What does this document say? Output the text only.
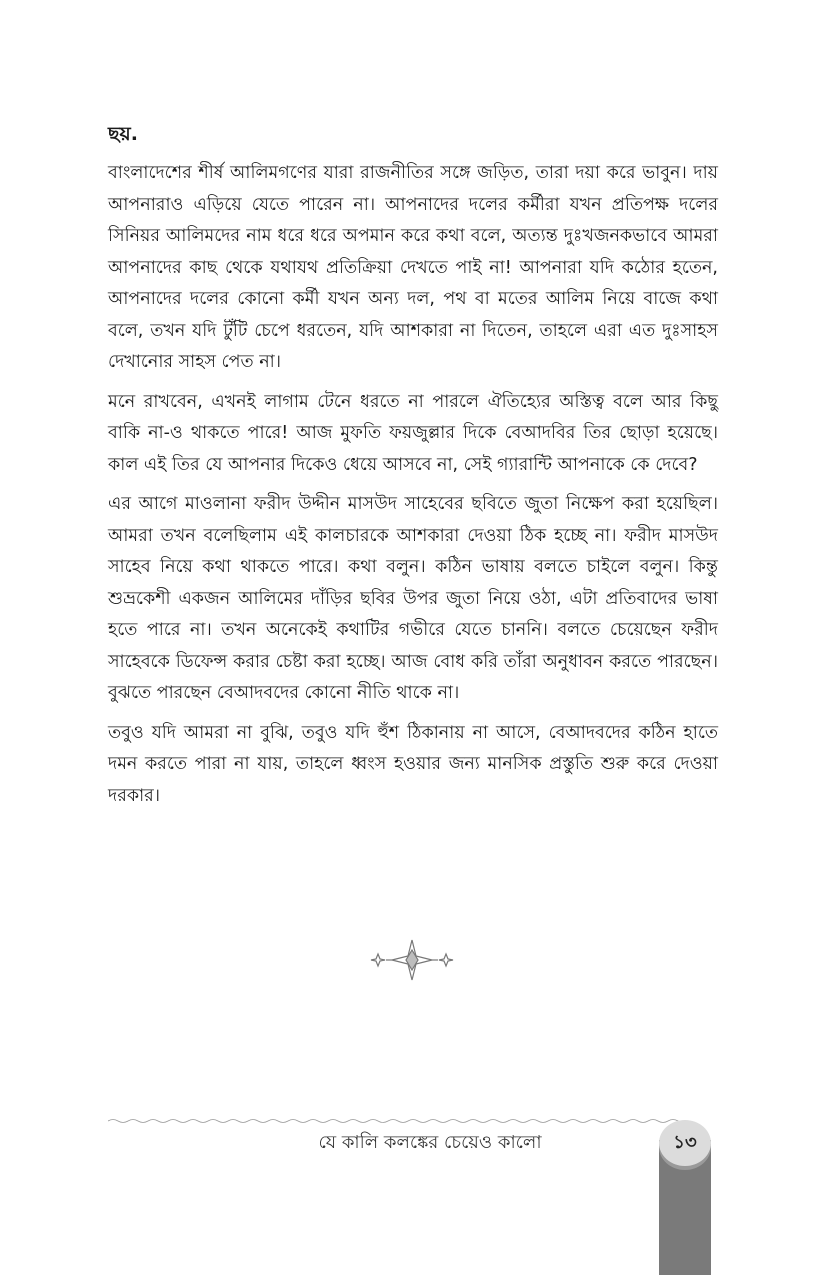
ছয়.

বাংলাদেশের শীর্ষ আলিমগণের যারা রাজনীতির সঙ্গে জড়িত, তারা দয়া করে ভাবুন। দায় আপনারাও এড়িয়ে যেতে পারেন না। আপনাদের দলের কর্মীরা যখন প্রতিপক্ষ দলের সিনিয়র আলিমদের নাম ধরে ধরে অপমান করে কথা বলে, অত্যন্ত দুঃখজনকভাবে আমরা আপনাদের কাছ থেকে যথাযথ প্রতিক্রিয়া দেখতে পাই না! আপনারা যদি কঠোর হতেন, আপনাদের দলের কোনো কর্মী যখন অন্য দল, পথ বা মতের আলিম নিয়ে বাজে কথা বলে, তখন যদি টুঁটি চেপে ধরতেন, যদি আশকারা না দিতেন, তাহলে এরা এত দুঃসাহস দেখানোর সাহস পেত না।

মনে রাখবেন, এখনই লাগাম টেনে ধরতে না পারলে ঐতিহ্যের অস্তিত্ব বলে আর কিছু বাকি না-ও থাকতে পারে! আজ মুফতি ফয়জুল্লার দিকে বেআদবির তির ছোড়া হয়েছে। কাল এই তির যে আপনার দিকেও ধেয়ে আসবে না, সেই গ্যারান্টি আপনাকে কে দেবে?

এর আগে মাওলানা ফরীদ উদ্দীন মাসউদ সাহেবের ছবিতে জুতা নিক্ষেপ করা হয়েছিল। আমরা তখন বলেছিলাম এই কালচারকে আশকারা দেওয়া ঠিক হচ্ছে না। ফরীদ মাসউদ সাহেব নিয়ে কথা থাকতে পারে। কথা বলুন। কঠিন ভাষায় বলতে চাইলে বলুন। কিন্তু শুভ্রকেশী একজন আলিমের দাঁড়ির ছবির উপর জুতা নিয়ে ওঠা, এটা প্রতিবাদের ভাষা হতে পারে না। তখন অনেকেই কথাটির গভীরে যেতে চাননি। বলতে চেয়েছেন ফরীদ সাহেবকে ডিফেন্স করার চেষ্টা করা হচ্ছে। আজ বোধ করি তাঁরা অনুধাবন করতে পারছেন। বুঝতে পারছেন বেআদবদের কোনো নীতি থাকে না।

তবুও যদি আমরা না বুঝি, তবুও যদি হুঁশ ঠিকানায় না আসে, বেআদবদের কঠিন হাতে দমন করতে পারা না যায়, তাহলে ধ্বংস হওয়ার জন্য মানসিক প্রস্তুতি শুরু করে দেওয়া দরকার।

যে কালি কলঙ্কের চেয়েও কালো	১৩
